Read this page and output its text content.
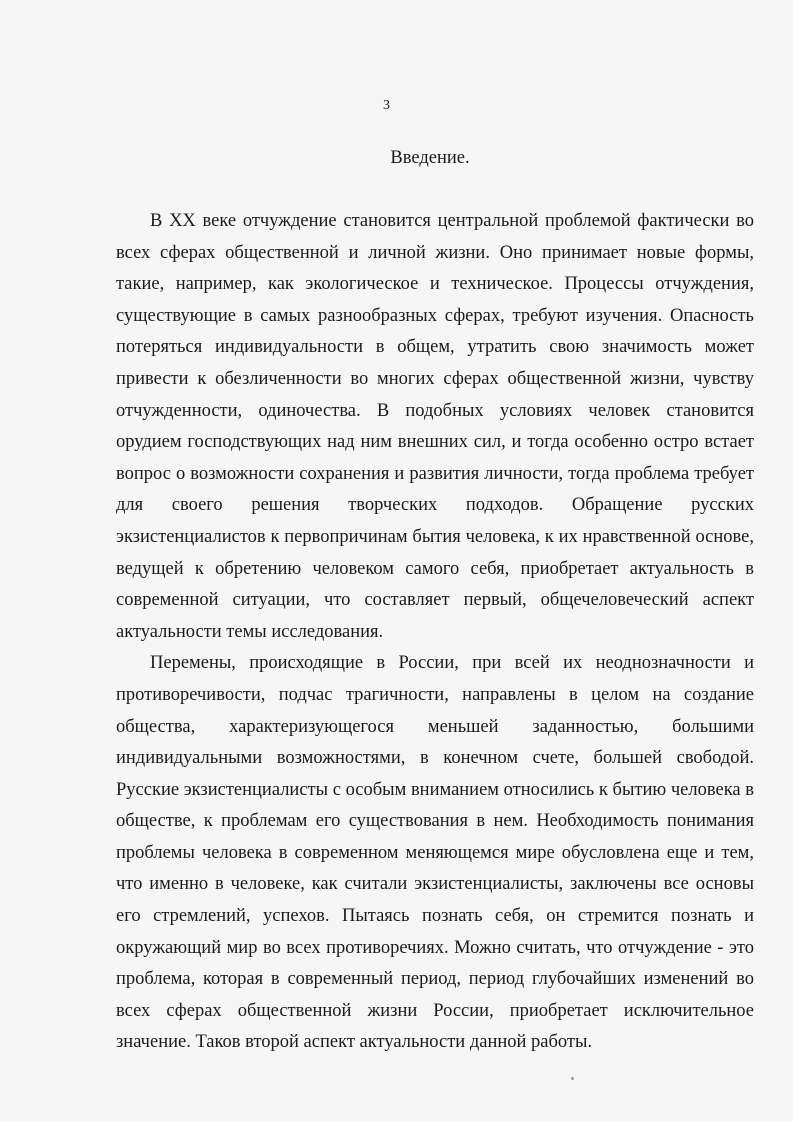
3
Введение.

В XX веке отчуждение становится центральной проблемой фактически во всех сферах общественной и личной жизни. Оно принимает новые формы, такие, например, как экологическое и техническое. Процессы отчуждения, существующие в самых разнообразных сферах, требуют изучения. Опасность потеряться индивидуальности в общем, утратить свою значимость может привести к обезличенности во многих сферах общественной жизни, чувству отчужденности, одиночества. В подобных условиях человек становится орудием господствующих над ним внешних сил, и тогда особенно остро встает вопрос о возможности сохранения и развития личности, тогда проблема требует для своего решения творческих подходов. Обращение русских экзистенциалистов к первопричинам бытия человека, к их нравственной основе, ведущей к обретению человеком самого себя, приобретает актуальность в современной ситуации, что составляет первый, общечеловеческий аспект актуальности темы исследования.

Перемены, происходящие в России, при всей их неоднозначности и противоречивости, подчас трагичности, направлены в целом на создание общества, характеризующегося меньшей заданностью, большими индивидуальными возможностями, в конечном счете, большей свободой. Русские экзистенциалисты с особым вниманием относились к бытию человека в обществе, к проблемам его существования в нем. Необходимость понимания проблемы человека в современном меняющемся мире обусловлена еще и тем, что именно в человеке, как считали экзистенциалисты, заключены все основы его стремлений, успехов. Пытаясь познать себя, он стремится познать и окружающий мир во всех противоречиях. Можно считать, что отчуждение - это проблема, которая в современный период, период глубочайших изменений во всех сферах общественной жизни России, приобретает исключительное значение. Таков второй аспект актуальности данной работы.
